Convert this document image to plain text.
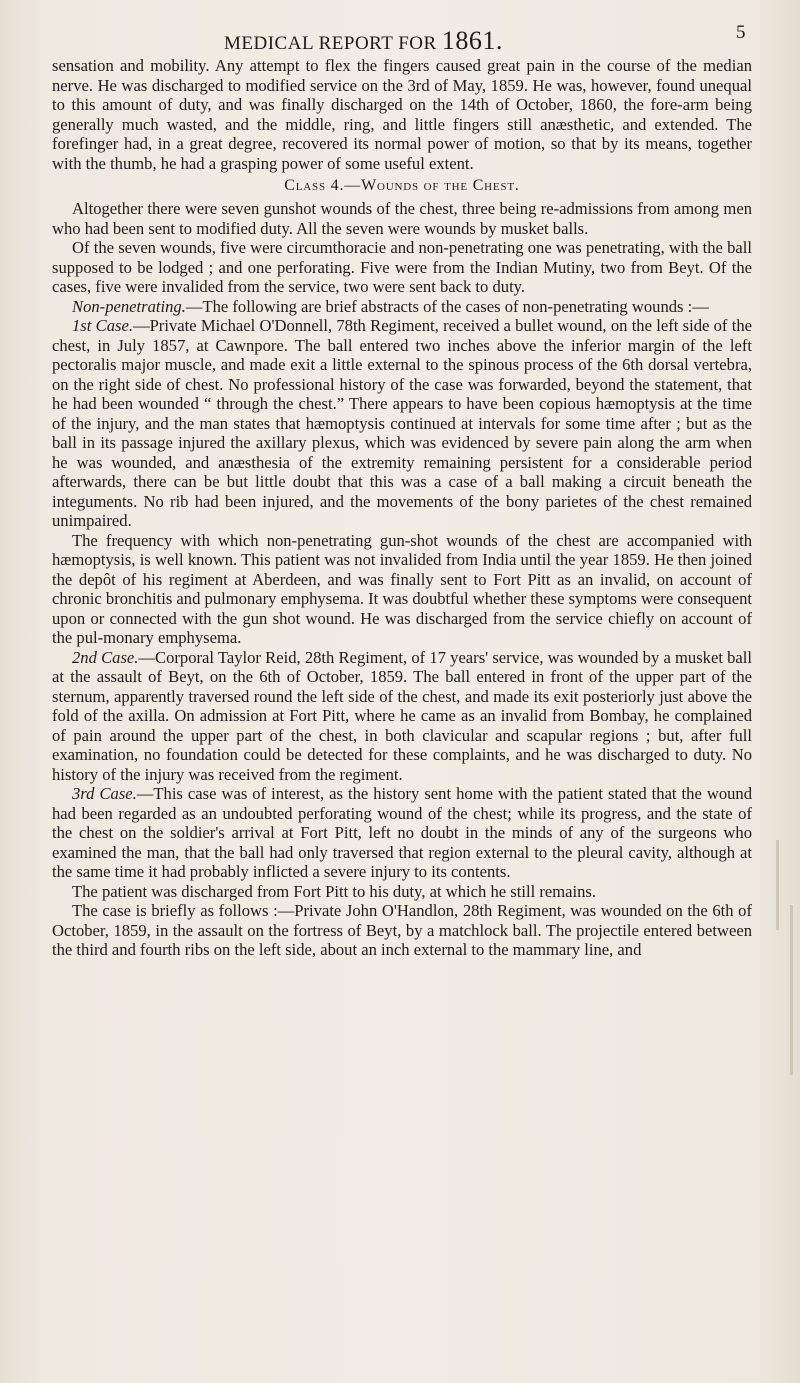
MEDICAL REPORT FOR 1861.	5

sensation and mobility. Any attempt to flex the fingers caused great pain in the course of the median nerve. He was discharged to modified service on the 3rd of May, 1859. He was, however, found unequal to this amount of duty, and was finally discharged on the 14th of October, 1860, the fore-arm being generally much wasted, and the middle, ring, and little fingers still anæsthetic, and extended. The forefinger had, in a great degree, recovered its normal power of motion, so that by its means, together with the thumb, he had a grasping power of some useful extent.

Class 4.—Wounds of the Chest.

Altogether there were seven gunshot wounds of the chest, three being re-admissions from among men who had been sent to modified duty. All the seven were wounds by musket balls.

Of the seven wounds, five were circumthoracie and non-penetrating one was penetrating, with the ball supposed to be lodged ; and one perforating. Five were from the Indian Mutiny, two from Beyt. Of the cases, five were invalided from the service, two were sent back to duty.

Non-penetrating.—The following are brief abstracts of the cases of non-penetrating wounds :—

1st Case.—Private Michael O'Donnell, 78th Regiment, received a bullet wound, on the left side of the chest, in July 1857, at Cawnpore. The ball entered two inches above the inferior margin of the left pectoralis major muscle, and made exit a little external to the spinous process of the 6th dorsal vertebra, on the right side of chest. No professional history of the case was forwarded, beyond the statement, that he had been wounded “ through the chest.” There appears to have been copious hæmoptysis at the time of the injury, and the man states that hæmoptysis continued at intervals for some time after ; but as the ball in its passage injured the axillary plexus, which was evidenced by severe pain along the arm when he was wounded, and anæsthesia of the extremity remaining persistent for a considerable period afterwards, there can be but little doubt that this was a case of a ball making a circuit beneath the integuments. No rib had been injured, and the movements of the bony parietes of the chest remained unimpaired.

The frequency with which non-penetrating gun-shot wounds of the chest are accompanied with hæmoptysis, is well known. This patient was not invalided from India until the year 1859. He then joined the depôt of his regiment at Aberdeen, and was finally sent to Fort Pitt as an invalid, on account of chronic bronchitis and pulmonary emphysema. It was doubtful whether these symptoms were consequent upon or connected with the gun shot wound. He was discharged from the service chiefly on account of the pul-monary emphysema.

2nd Case.—Corporal Taylor Reid, 28th Regiment, of 17 years' service, was wounded by a musket ball at the assault of Beyt, on the 6th of October, 1859. The ball entered in front of the upper part of the sternum, apparently traversed round the left side of the chest, and made its exit posteriorly just above the fold of the axilla. On admission at Fort Pitt, where he came as an invalid from Bombay, he complained of pain around the upper part of the chest, in both clavicular and scapular regions ; but, after full examination, no foundation could be detected for these complaints, and he was discharged to duty. No history of the injury was received from the regiment.

3rd Case.—This case was of interest, as the history sent home with the patient stated that the wound had been regarded as an undoubted perforating wound of the chest; while its progress, and the state of the chest on the soldier's arrival at Fort Pitt, left no doubt in the minds of any of the surgeons who examined the man, that the ball had only traversed that region external to the pleural cavity, although at the same time it had probably inflicted a severe injury to its contents.

The patient was discharged from Fort Pitt to his duty, at which he still remains.

The case is briefly as follows :—Private John O'Handlon, 28th Regiment, was wounded on the 6th of October, 1859, in the assault on the fortress of Beyt, by a matchlock ball. The projectile entered between the third and fourth ribs on the left side, about an inch external to the mammary line, and
